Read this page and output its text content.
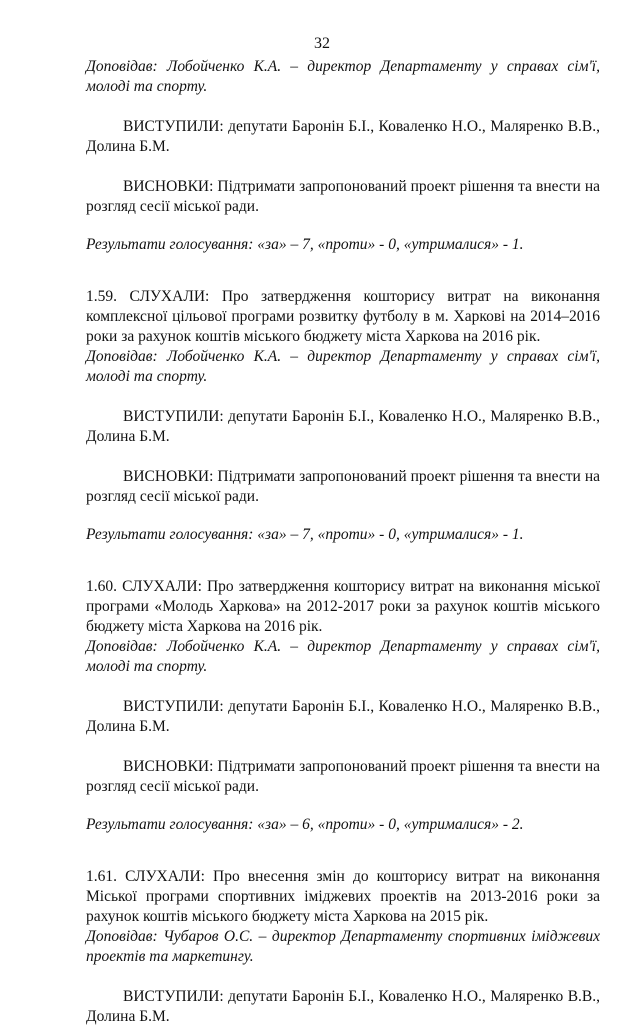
32

Доповідав: Лобойченко К.А. – директор Департаменту у справах сім'ї, молоді та спорту.

ВИСТУПИЛИ: депутати Баронін Б.І., Коваленко Н.О., Маляренко В.В., Долина Б.М.

ВИСНОВКИ: Підтримати запропонований проект рішення та внести на розгляд сесії міської ради.

Результати голосування: «за» – 7, «проти» - 0, «утрималися» - 1.

1.59. СЛУХАЛИ: Про затвердження кошторису витрат на виконання комплексної цільової програми розвитку футболу в м. Харкові на 2014–2016 роки за рахунок коштів міського бюджету міста Харкова на 2016 рік.

Доповідав: Лобойченко К.А. – директор Департаменту у справах сім'ї, молоді та спорту.

ВИСТУПИЛИ: депутати Баронін Б.І., Коваленко Н.О., Маляренко В.В., Долина Б.М.

ВИСНОВКИ: Підтримати запропонований проект рішення та внести на розгляд сесії міської ради.

Результати голосування: «за» – 7, «проти» - 0, «утрималися» - 1.

1.60. СЛУХАЛИ: Про затвердження кошторису витрат на виконання міської програми «Молодь Харкова» на 2012-2017 роки за рахунок коштів міського бюджету міста Харкова на 2016 рік.

Доповідав: Лобойченко К.А. – директор Департаменту у справах сім'ї, молоді та спорту.

ВИСТУПИЛИ: депутати Баронін Б.І., Коваленко Н.О., Маляренко В.В., Долина Б.М.

ВИСНОВКИ: Підтримати запропонований проект рішення та внести на розгляд сесії міської ради.

Результати голосування: «за» – 6, «проти» - 0, «утрималися» - 2.

1.61. СЛУХАЛИ: Про внесення змін до кошторису витрат на виконання Міської програми спортивних іміджевих проектів на 2013-2016 роки за рахунок коштів міського бюджету міста Харкова на 2015 рік.

Доповідав: Чубаров О.С. – директор Департаменту спортивних іміджевих проектів та маркетингу.

ВИСТУПИЛИ: депутати Баронін Б.І., Коваленко Н.О., Маляренко В.В., Долина Б.М.
